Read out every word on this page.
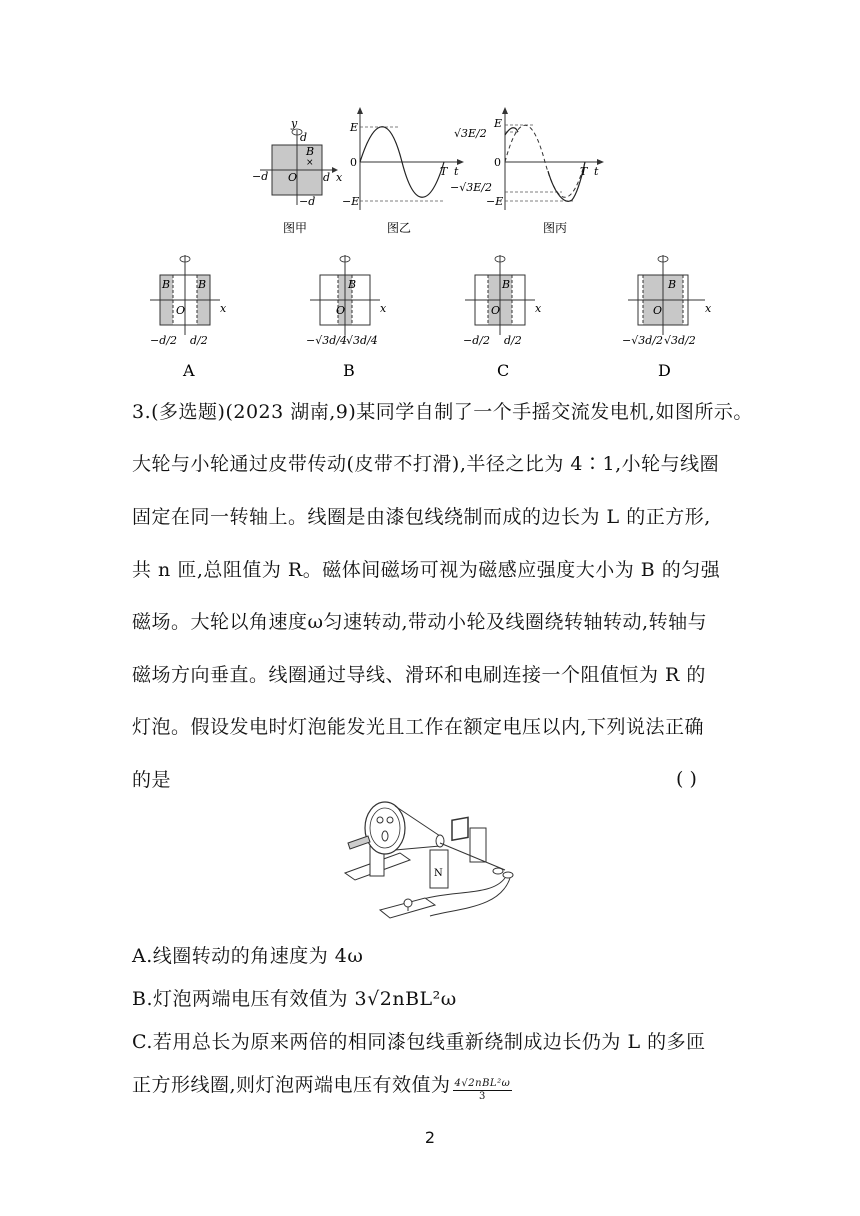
y
d
−d O d x
−d
B
×
E
0
−E
T t
E
√3E/2
0
−√3E/2
−E
T t
图甲	图乙	图丙
B	B
O	x
−d/2 d/2
B
O	x
−√3d/4 √3d/4
B
O	x
−d/2 d/2
B
O	x
−√3d/2 √3d/2
A	B	C	D
3.(多选题)(2023 湖南,9)某同学自制了一个手摇交流发电机,如图所示。
大轮与小轮通过皮带传动(皮带不打滑),半径之比为 4∶1,小轮与线圈
固定在同一转轴上。线圈是由漆包线绕制而成的边长为 L 的正方形,
共 n 匝,总阻值为 R。磁体间磁场可视为磁感应强度大小为 B 的匀强
磁场。大轮以角速度ω匀速转动,带动小轮及线圈绕转轴转动,转轴与
磁场方向垂直。线圈通过导线、滑环和电刷连接一个阻值恒为 R 的
灯泡。假设发电时灯泡能发光且工作在额定电压以内,下列说法正确
的是	( )
N
A.线圈转动的角速度为 4ω
B.灯泡两端电压有效值为 3√2nBL²ω
C.若用总长为原来两倍的相同漆包线重新绕制成边长仍为 L 的多匝
正方形线圈,则灯泡两端电压有效值为 4√2nBL²ω
3
2
